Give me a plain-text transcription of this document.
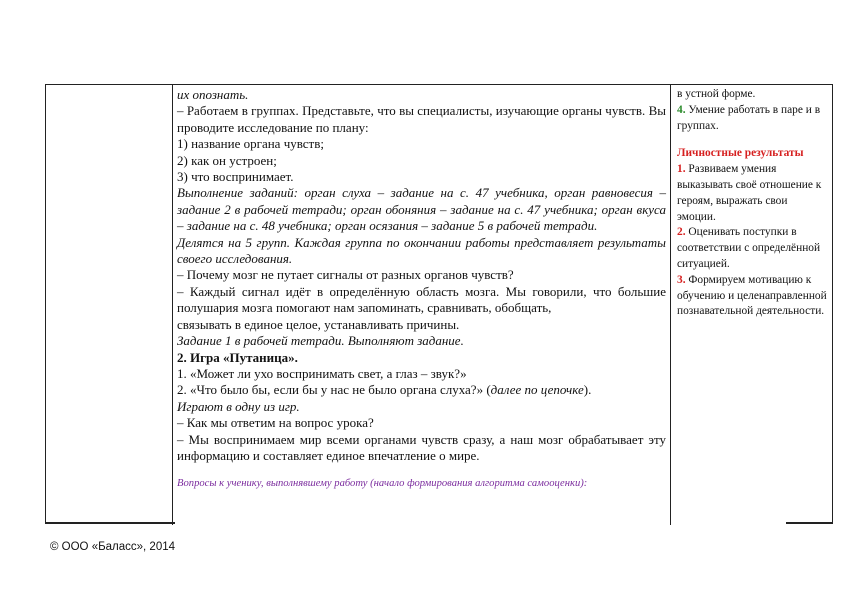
их опознать.

– Работаем в группах. Представьте, что вы специалисты, изучающие органы чувств. Вы проводите исследование по плану:

1) название органа чувств;

2) как он устроен;

3) что воспринимает.

Выполнение заданий: орган слуха – задание на с. 47 учебника, орган равновесия – задание 2 в рабочей тетради; орган обоняния – задание на с. 47 учебника; орган вкуса – задание на с. 48 учебника; орган осязания – задание 5 в рабочей тетради.

Делятся на 5 групп. Каждая группа по окончании работы представляет результаты своего исследования.

– Почему мозг не путает сигналы от разных органов чувств?

– Каждый сигнал идёт в определённую область мозга. Мы говорили, что большие полушария мозга помогают нам запоминать, сравнивать, обобщать,

связывать в единое целое, устанавливать причины.

Задание 1 в рабочей тетради. Выполняют задание.

2. Игра «Путаница».

1. «Может ли ухо воспринимать свет, а глаз – звук?»

2. «Что было бы, если бы у нас не было органа слуха?» (далее по цепочке).

Играют в одну из игр.

– Как мы ответим на вопрос урока?

– Мы воспринимаем мир всеми органами чувств сразу, а наш мозг обрабатывает эту информацию и составляет единое впечатление о мире.

Вопросы к ученику, выполнявшему работу (начало формирования алгоритма самооценки):

в устной форме.

4. Умение работать в паре и в группах.

Личностные результаты

1. Развиваем умения выказывать своё отношение к героям, выражать свои эмоции.

2. Оценивать поступки в соответствии с определённой ситуацией.

3. Формируем мотивацию к обучению и целенаправленной познавательной деятельности.

© ООО «Баласс», 2014
